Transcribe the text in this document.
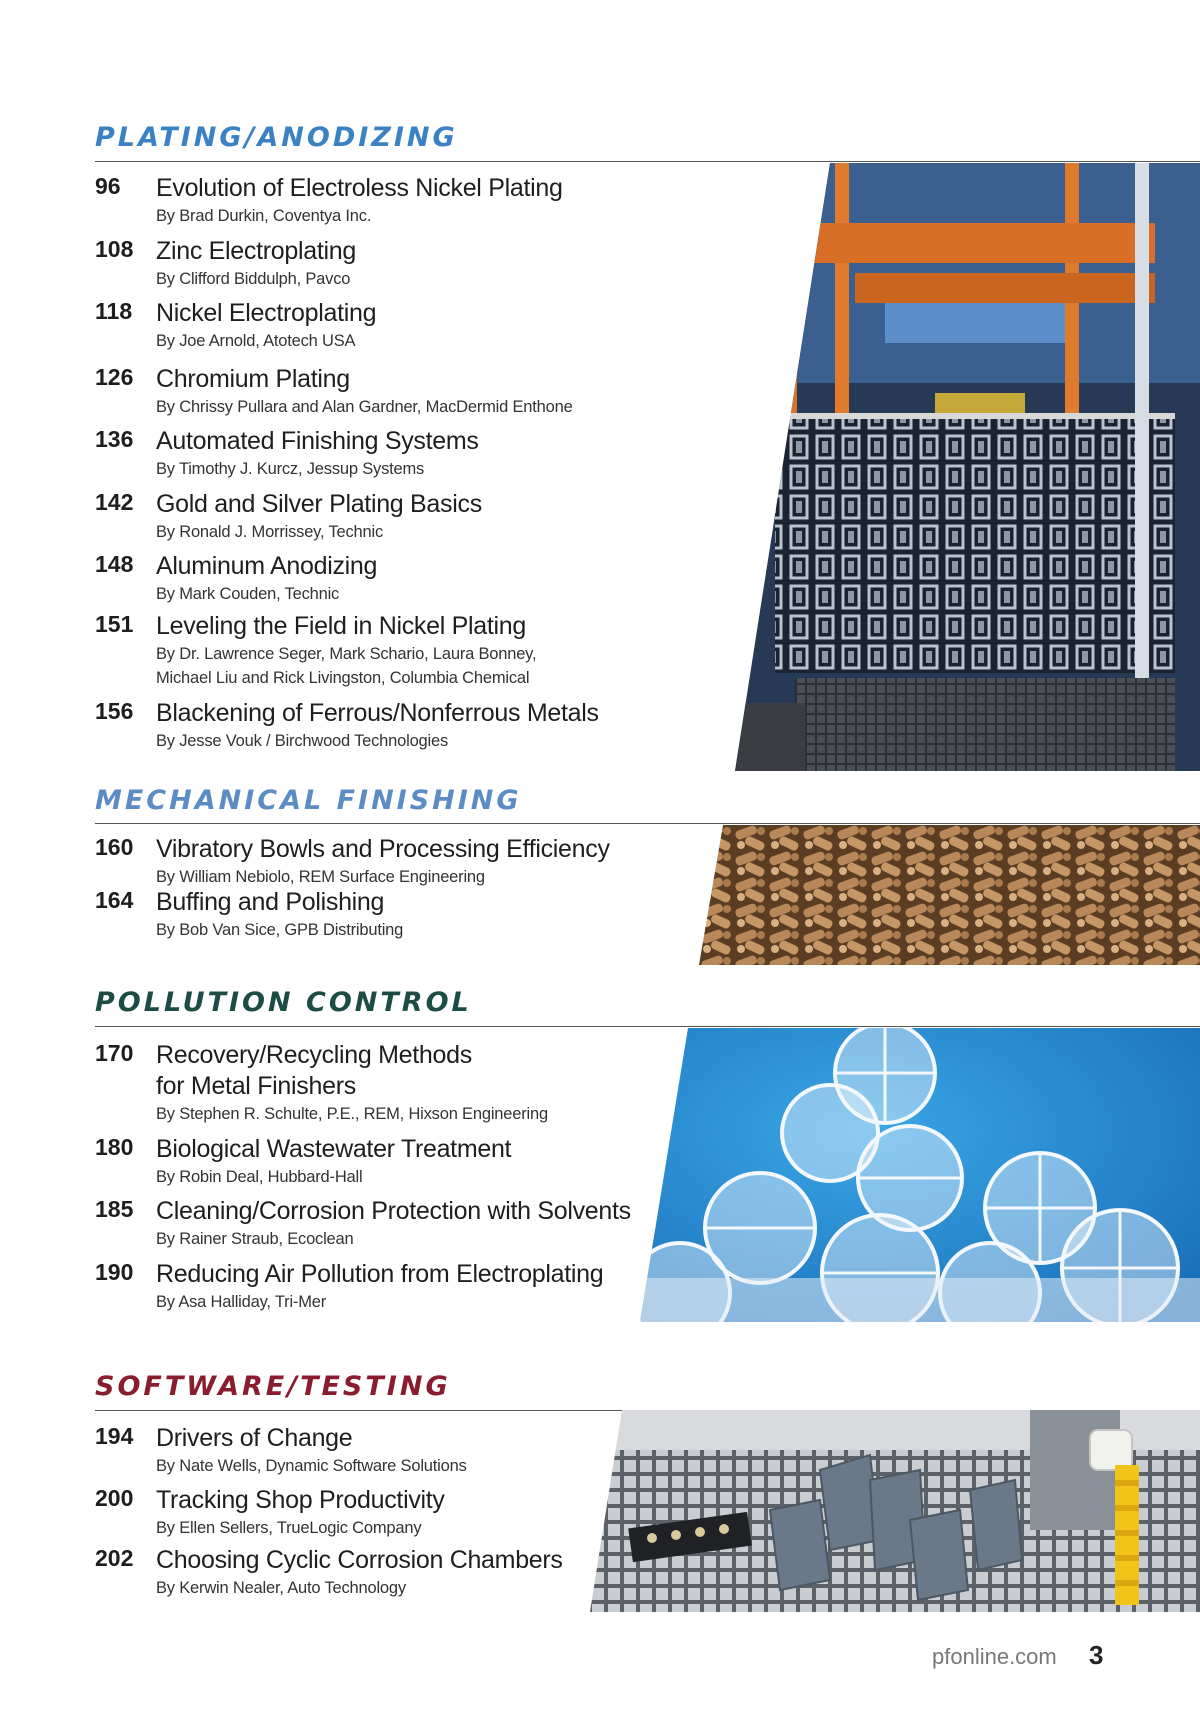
PLATING/ANODIZING
96 Evolution of Electroless Nickel Plating
By Brad Durkin, Coventya Inc.
108 Zinc Electroplating
By Clifford Biddulph, Pavco
118 Nickel Electroplating
By Joe Arnold, Atotech USA
126 Chromium Plating
By Chrissy Pullara and Alan Gardner, MacDermid Enthone
136 Automated Finishing Systems
By Timothy J. Kurcz, Jessup Systems
142 Gold and Silver Plating Basics
By Ronald J. Morrissey, Technic
148 Aluminum Anodizing
By Mark Couden, Technic
151 Leveling the Field in Nickel Plating
By Dr. Lawrence Seger, Mark Schario, Laura Bonney,
Michael Liu and Rick Livingston, Columbia Chemical
156 Blackening of Ferrous/Nonferrous Metals
By Jesse Vouk / Birchwood Technologies
MECHANICAL FINISHING
160 Vibratory Bowls and Processing Efficiency
By William Nebiolo, REM Surface Engineering
164 Buffing and Polishing
By Bob Van Sice, GPB Distributing
POLLUTION CONTROL
170 Recovery/Recycling Methods
for Metal Finishers
By Stephen R. Schulte, P.E., REM, Hixson Engineering
180 Biological Wastewater Treatment
By Robin Deal, Hubbard-Hall
185 Cleaning/Corrosion Protection with Solvents
By Rainer Straub, Ecoclean
190 Reducing Air Pollution from Electroplating
By Asa Halliday, Tri-Mer
SOFTWARE/TESTING
194 Drivers of Change
By Nate Wells, Dynamic Software Solutions
200 Tracking Shop Productivity
By Ellen Sellers, TrueLogic Company
202 Choosing Cyclic Corrosion Chambers
By Kerwin Nealer, Auto Technology
pfonline.com 3
